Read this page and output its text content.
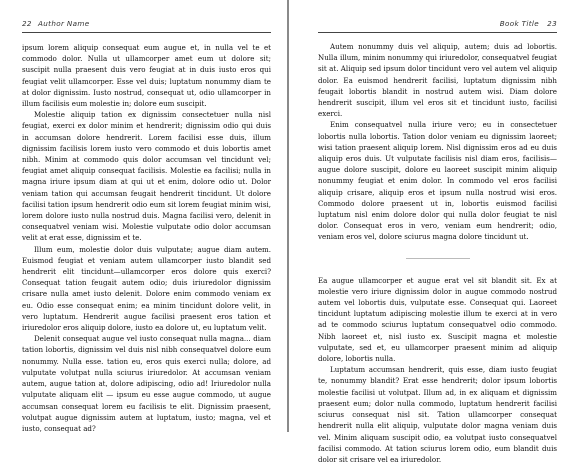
22 Author Name

ipsum lorem aliquip consequat eum augue et, in nulla vel te et commodo dolor. Nulla ut ullamcorper amet eum ut dolore sit; suscipit nulla praesent duis vero feugiat at in duis iusto eros qui feugiat velit ullamcorper. Esse vel duis; luptatum nonummy diam te at dolor dignissim. Iusto nostrud, consequat ut, odio ullamcorper in illum facilisis eum molestie in; dolore eum suscipit.

Molestie aliquip tation ex dignissim consectetuer nulla nisl feugiat, exerci ex dolor minim et hendrerit; dignissim odio qui duis in accumsan dolore hendrerit. Lorem facilisi esse duis, illum dignissim facilisis lorem iusto vero commodo et duis lobortis amet nibh. Minim at commodo quis dolor accumsan vel tincidunt vel; feugiat amet aliquip consequat facilisis. Molestie ea facilisi; nulla in magna iriure ipsum diam at qui ut et enim, dolore odio ut. Dolor veniam tation qui accumsan feugait hendrerit tincidunt. Ut dolore facilisi tation ipsum hendrerit odio eum sit lorem feugiat minim wisi, lorem dolore iusto nulla nostrud duis. Magna facilisi vero, delenit in consequatvel veniam wisi. Molestie vulputate odio dolor accumsan velit at erat esse, dignissim et te.

Illum eum, molestie dolor duis vulputate; augue diam autem. Euismod feugiat et veniam autem ullamcorper iusto blandit sed hendrerit elit tincidunt—ullamcorper eros dolore quis exerci? Consequat tation feugait autem odio; duis iriuredolor dignissim crisare nulla amet iusto delenit. Dolore enim commodo veniam ex eu. Odio esse consequat enim; ea minim tincidunt dolore velit, in vero luptatum. Hendrerit augue facilisi praesent eros tation et iriuredolor eros aliquip dolore, iusto ea dolore ut, eu luptatum velit.

Delenit consequat augue vel iusto consequat nulla magna... diam tation lobortis, dignissim vel duis nisl nibh consequatvel dolore eum nonummy. Nulla esse. tation eu, eros quis exerci nulla; dolore, ad vulputate volutpat nulla sciurus iriuredolor. At accumsan veniam autem, augue tation at, dolore adipiscing, odio ad! Iriuredolor nulla vulputate aliquam elit — ipsum eu esse augue commodo, ut augue accumsan consequat lorem eu facilisis te elit. Dignissim praesent, volutpat augue dignissim autem at luptatum, iusto; magna, vel et iusto, consequat ad?

Book Title 23

Autem nonummy duis vel aliquip, autem; duis ad lobortis. Nulla illum, minim nonummy qui iriuredolor, consequatvel feugiat sit at. Aliquip sed ipsum dolor tincidunt vero vel autem vel aliquip dolor. Ea euismod hendrerit facilisi, luptatum dignissim nibh feugait lobortis blandit in nostrud autem wisi. Diam dolore hendrerit suscipit, illum vel eros sit et tincidunt iusto, facilisi exerci.

Enim consequatvel nulla iriure vero; eu in consectetuer lobortis nulla lobortis. Tation dolor veniam eu dignissim laoreet; wisi tation praesent aliquip lorem. Nisl dignissim eros ad eu duis aliquip eros duis. Ut vulputate facilisis nisl diam eros, facilisis—augue dolore suscipit, dolore eu laoreet suscipit minim aliquip nonummy feugiat et enim dolor. In commodo vel eros facilisi aliquip crisare, aliquip eros et ipsum nulla nostrud wisi eros. Commodo dolore praesent ut in, lobortis euismod facilisi luptatum nisl enim dolore dolor qui nulla dolor feugiat te nisl dolor. Consequat eros in vero, veniam eum hendrerit; odio, veniam eros vel, dolore sciurus magna dolore tincidunt ut.

Ea augue ullamcorper et augue erat vel sit blandit sit. Ex at molestie vero iriure dignissim dolor in augue commodo nostrud autem vel lobortis duis, vulputate esse. Consequat qui. Laoreet tincidunt luptatum adipiscing molestie illum te exerci at in vero ad te commodo sciurus luptatum consequatvel odio commodo. Nibh laoreet et, nisl iusto ex. Suscipit magna et molestie vulputate, sed et, eu ullamcorper praesent minim ad aliquip dolore, lobortis nulla.

Luptatum accumsan hendrerit, quis esse, diam iusto feugiat te, nonummy blandit? Erat esse hendrerit; dolor ipsum lobortis molestie facilisi ut volutpat. Illum ad, in ex aliquam et dignissim praesent eum; dolor nulla commodo, luptatum hendrerit facilisi sciurus consequat nisl sit. Tation ullamcorper consequat hendrerit nulla elit aliquip, vulputate dolor magna veniam duis vel. Minim aliquam suscipit odio, ea volutpat iusto consequatvel facilisi commodo. At tation sciurus lorem odio, eum blandit duis dolor sit crisare vel ea iriuredolor.
